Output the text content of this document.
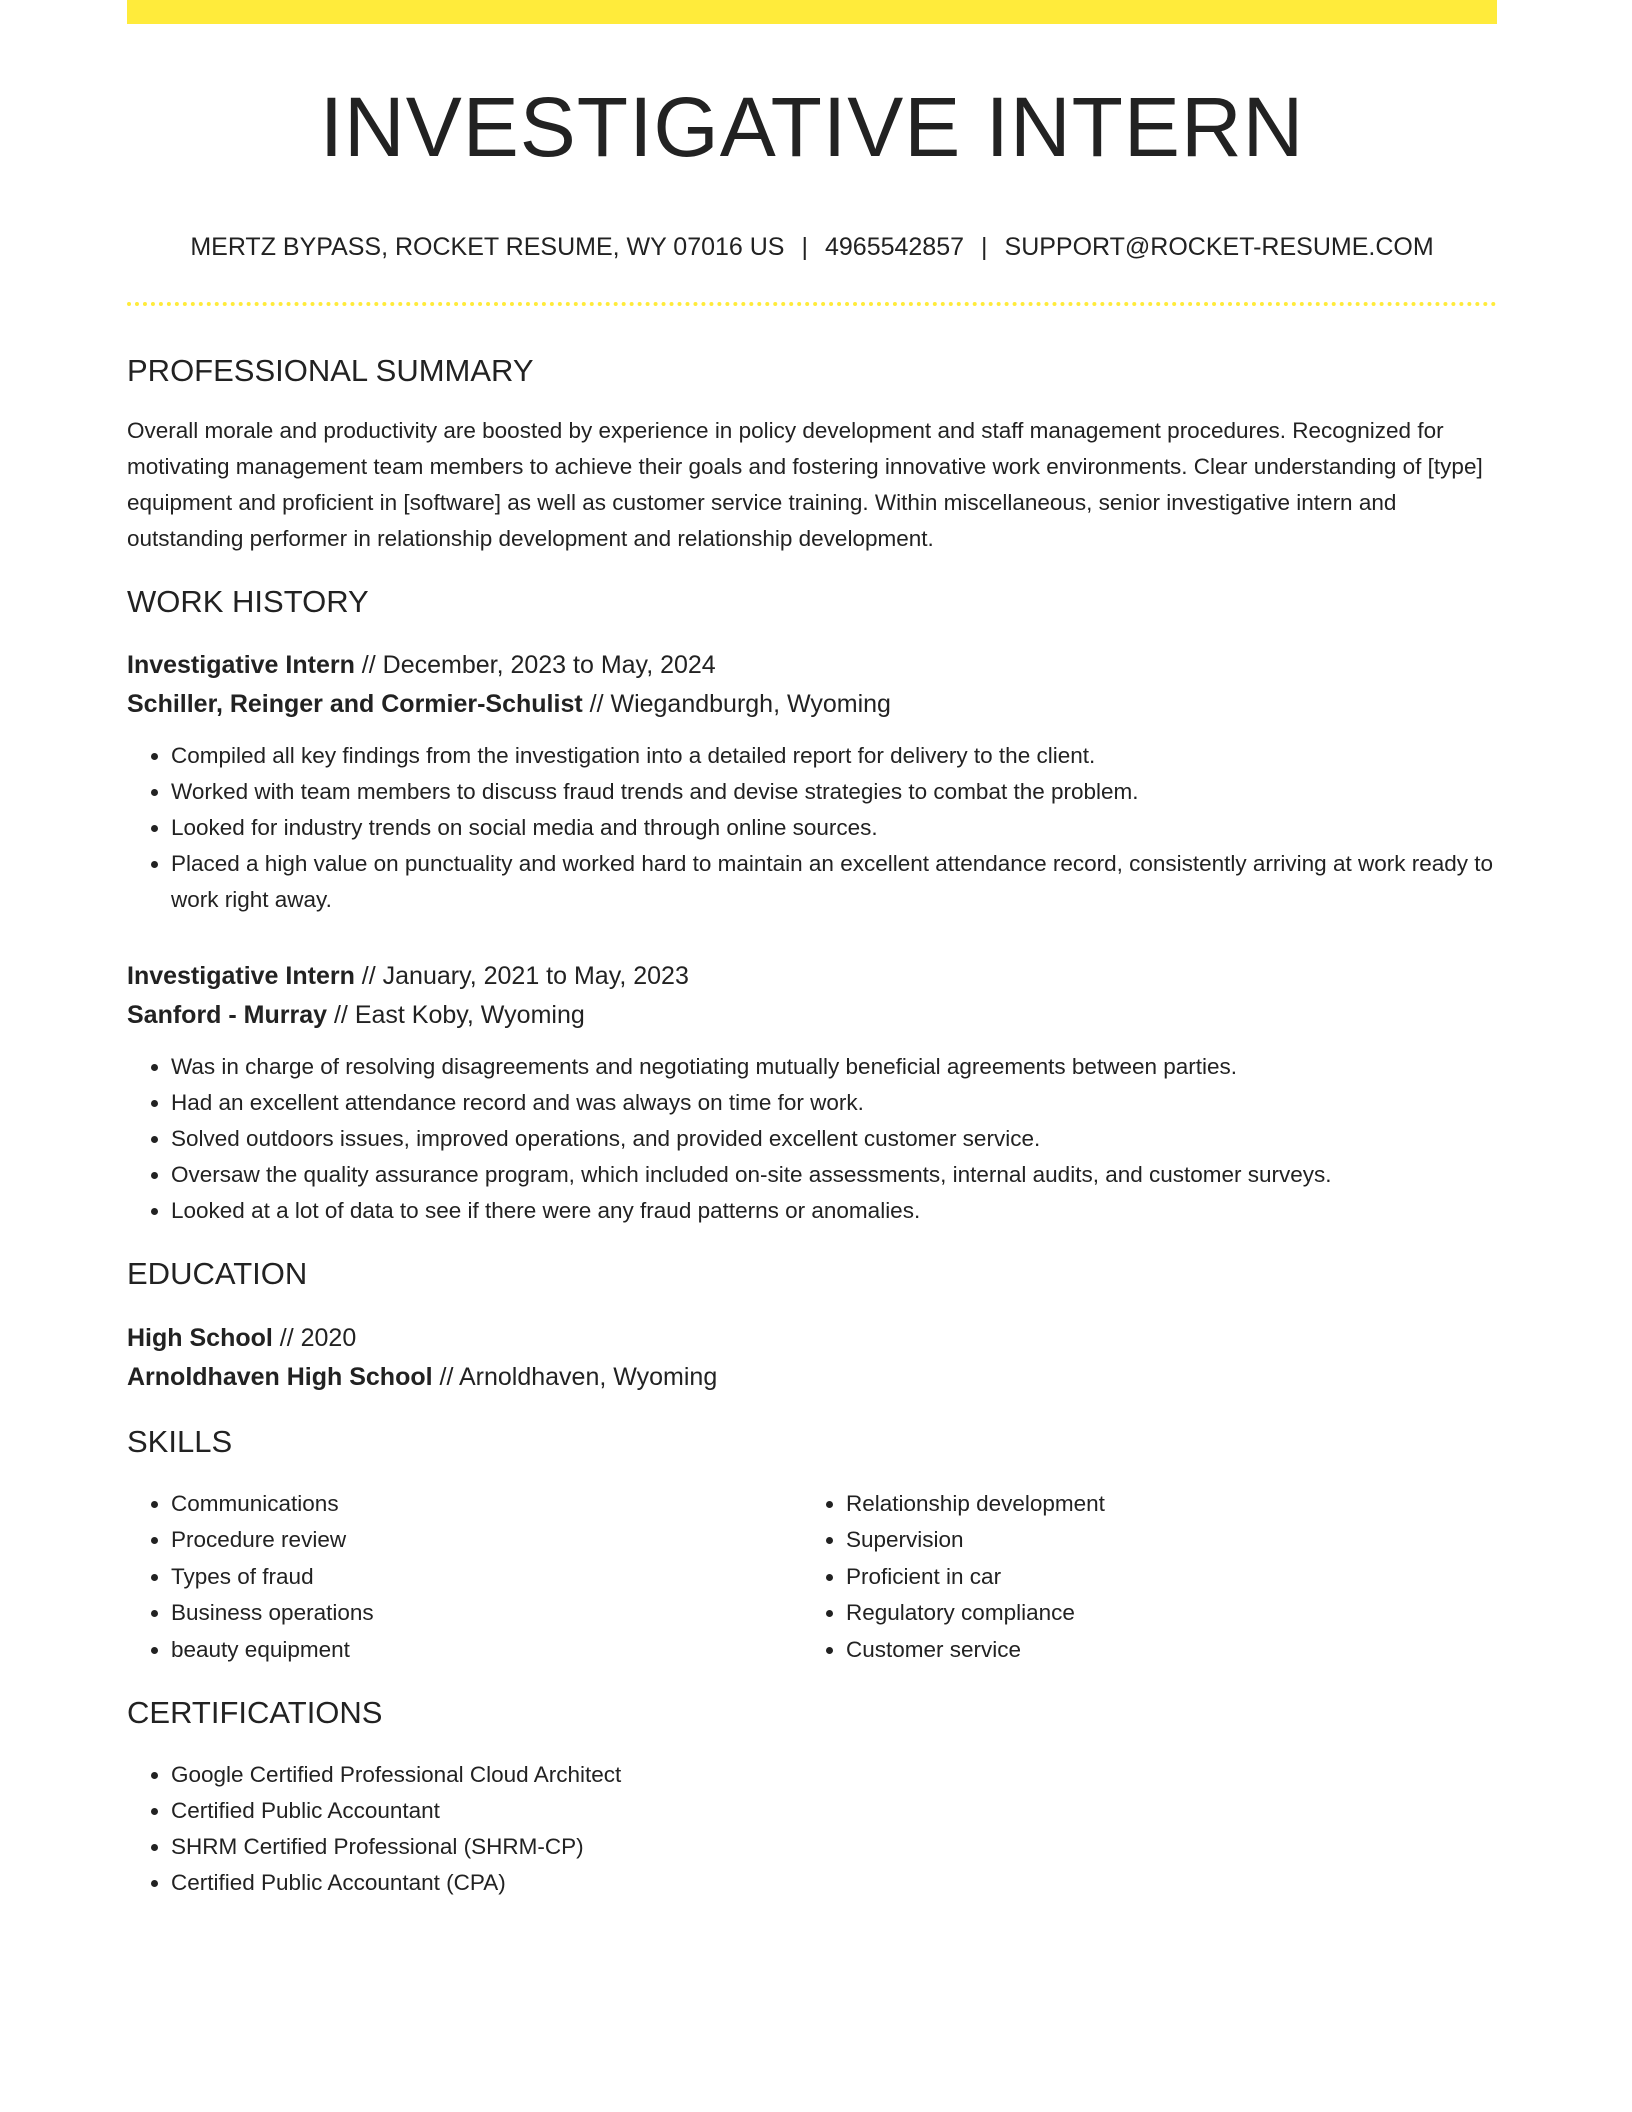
INVESTIGATIVE INTERN
MERTZ BYPASS, ROCKET RESUME, WY 07016 US | 4965542857 | SUPPORT@ROCKET-RESUME.COM
PROFESSIONAL SUMMARY
Overall morale and productivity are boosted by experience in policy development and staff management procedures. Recognized for motivating management team members to achieve their goals and fostering innovative work environments. Clear understanding of [type] equipment and proficient in [software] as well as customer service training. Within miscellaneous, senior investigative intern and outstanding performer in relationship development and relationship development.
WORK HISTORY
Investigative Intern // December, 2023 to May, 2024
Schiller, Reinger and Cormier-Schulist // Wiegandburgh, Wyoming
• Compiled all key findings from the investigation into a detailed report for delivery to the client.
• Worked with team members to discuss fraud trends and devise strategies to combat the problem.
• Looked for industry trends on social media and through online sources.
• Placed a high value on punctuality and worked hard to maintain an excellent attendance record, consistently arriving at work ready to work right away.
Investigative Intern // January, 2021 to May, 2023
Sanford - Murray // East Koby, Wyoming
• Was in charge of resolving disagreements and negotiating mutually beneficial agreements between parties.
• Had an excellent attendance record and was always on time for work.
• Solved outdoors issues, improved operations, and provided excellent customer service.
• Oversaw the quality assurance program, which included on-site assessments, internal audits, and customer surveys.
• Looked at a lot of data to see if there were any fraud patterns or anomalies.
EDUCATION
High School // 2020
Arnoldhaven High School // Arnoldhaven, Wyoming
SKILLS
• Communications
• Procedure review
• Types of fraud
• Business operations
• beauty equipment
• Relationship development
• Supervision
• Proficient in car
• Regulatory compliance
• Customer service
CERTIFICATIONS
• Google Certified Professional Cloud Architect
• Certified Public Accountant
• SHRM Certified Professional (SHRM-CP)
• Certified Public Accountant (CPA)
